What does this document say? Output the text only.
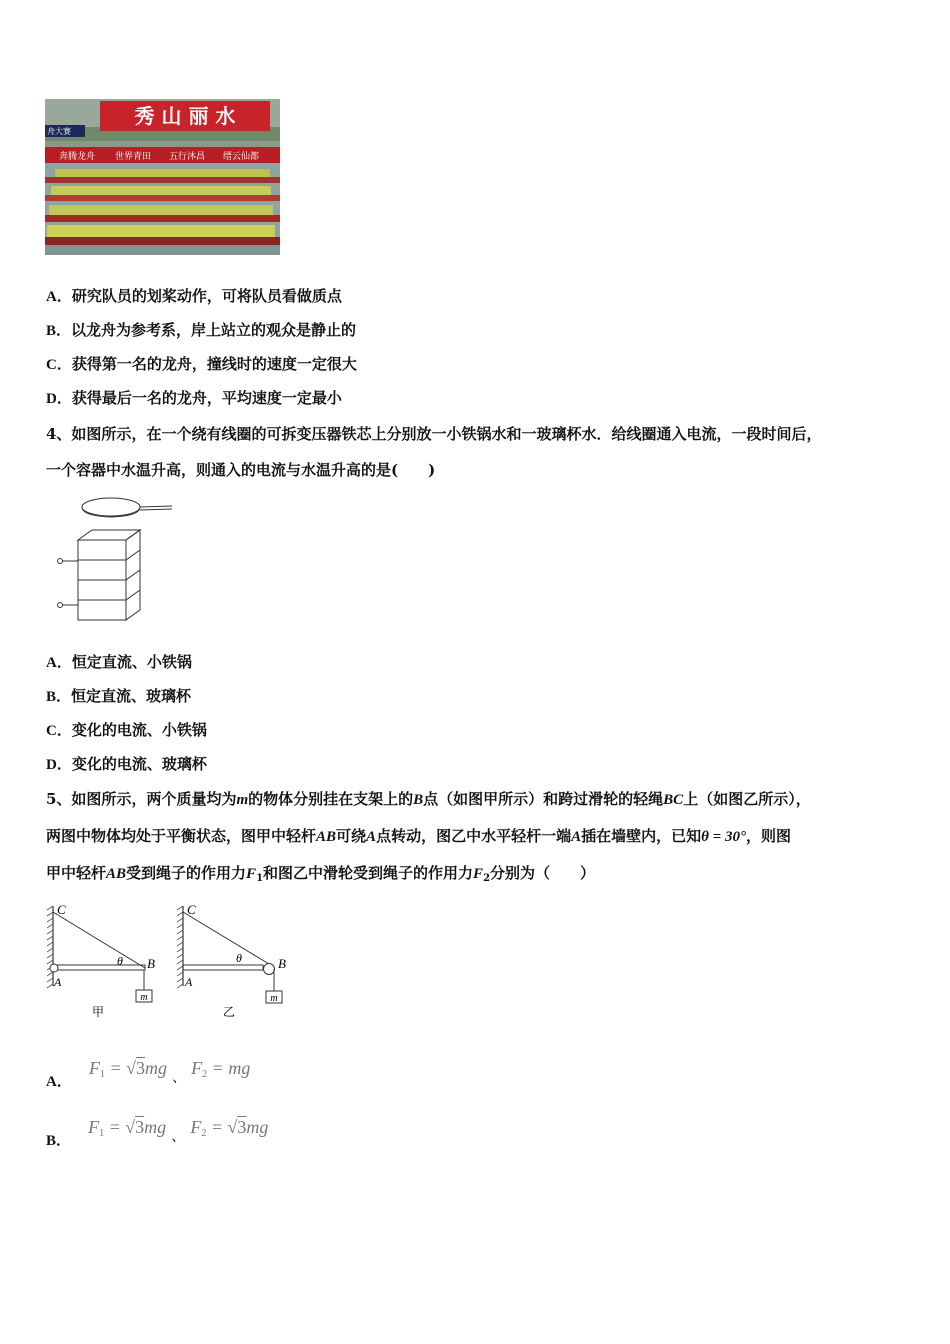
秀 山 丽 水
舟大赛
奔腾龙舟 世界青田 五行沐昌 缙云仙都
A．研究队员的划桨动作，可将队员看做质点
B．以龙舟为参考系，岸上站立的观众是静止的
C．获得第一名的龙舟，撞线时的速度一定很大
D．获得最后一名的龙舟，平均速度一定最小
4、如图所示，在一个绕有线圈的可拆变压器铁芯上分别放一小铁锅水和一玻璃杯水．给线圈通入电流，一段时间后，
一个容器中水温升高，则通入的电流与水温升高的是(　　)
A．恒定直流、小铁锅
B．恒定直流、玻璃杯
C．变化的电流、小铁锅
D．变化的电流、玻璃杯
5、如图所示，两个质量均为m的物体分别挂在支架上的B点（如图甲所示）和跨过滑轮的轻绳BC上（如图乙所示），
两图中物体均处于平衡状态，图甲中轻杆AB可绕A点转动，图乙中水平轻杆一端A插在墙壁内，已知θ = 30°，则图
甲中轻杆AB受到绳子的作用力$F_1$和图乙中滑轮受到绳子的作用力$F_2$分别为（　　）
m
C
A
B
θ
甲
m
C
A
B
θ
乙
A． $F_1 = √3mg$ 、 $F_2$ = mg
B． $F_1 = √3mg$ 、 $F_2 = √3mg$
